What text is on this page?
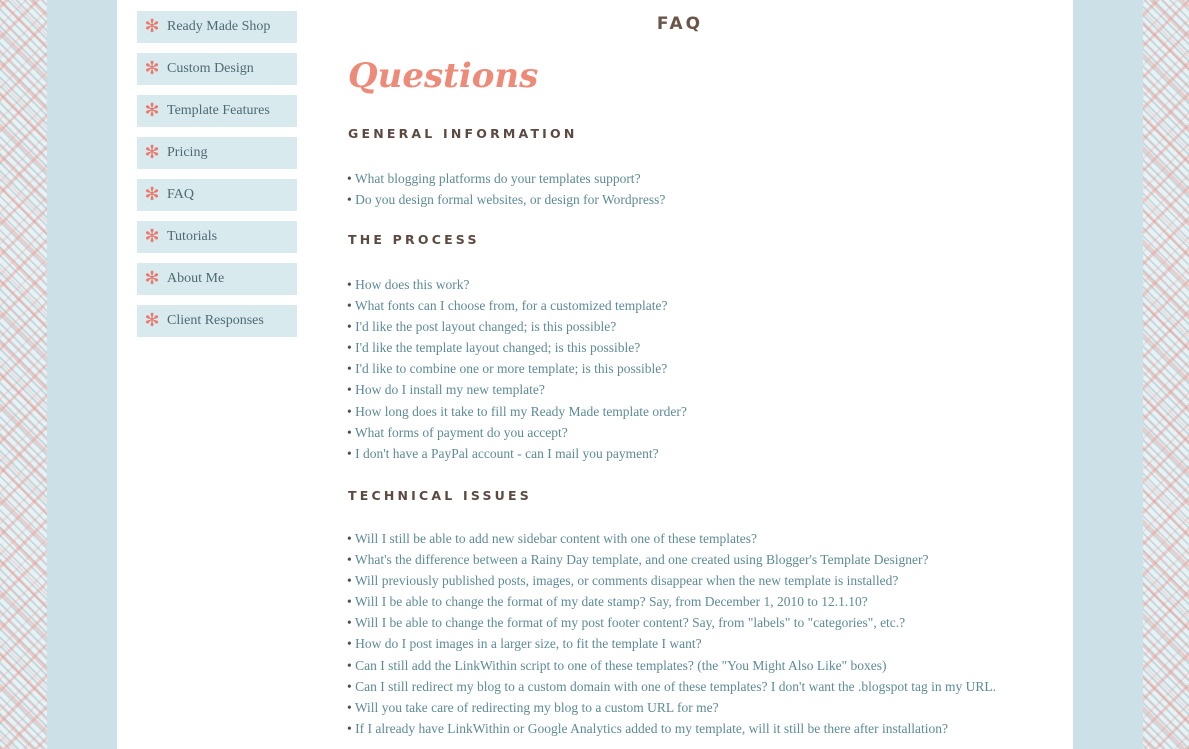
✻ Ready Made Shop
✻ Custom Design
✻ Template Features
✻ Pricing
✻ FAQ
✻ Tutorials
✻ About Me
✻ Client Responses
FAQ
Questions
GENERAL INFORMATION
• What blogging platforms do your templates support?
• Do you design formal websites, or design for Wordpress?
THE PROCESS
• How does this work?
• What fonts can I choose from, for a customized template?
• I'd like the post layout changed; is this possible?
• I'd like the template layout changed; is this possible?
• I'd like to combine one or more template; is this possible?
• How do I install my new template?
• How long does it take to fill my Ready Made template order?
• What forms of payment do you accept?
• I don't have a PayPal account - can I mail you payment?
TECHNICAL ISSUES
• Will I still be able to add new sidebar content with one of these templates?
• What's the difference between a Rainy Day template, and one created using Blogger's Template Designer?
• Will previously published posts, images, or comments disappear when the new template is installed?
• Will I be able to change the format of my date stamp? Say, from December 1, 2010 to 12.1.10?
• Will I be able to change the format of my post footer content? Say, from "labels" to "categories", etc.?
• How do I post images in a larger size, to fit the template I want?
• Can I still add the LinkWithin script to one of these templates? (the "You Might Also Like" boxes)
• Can I still redirect my blog to a custom domain with one of these templates? I don't want the .blogspot tag in my URL.
• Will you take care of redirecting my blog to a custom URL for me?
• If I already have LinkWithin or Google Analytics added to my template, will it still be there after installation?
